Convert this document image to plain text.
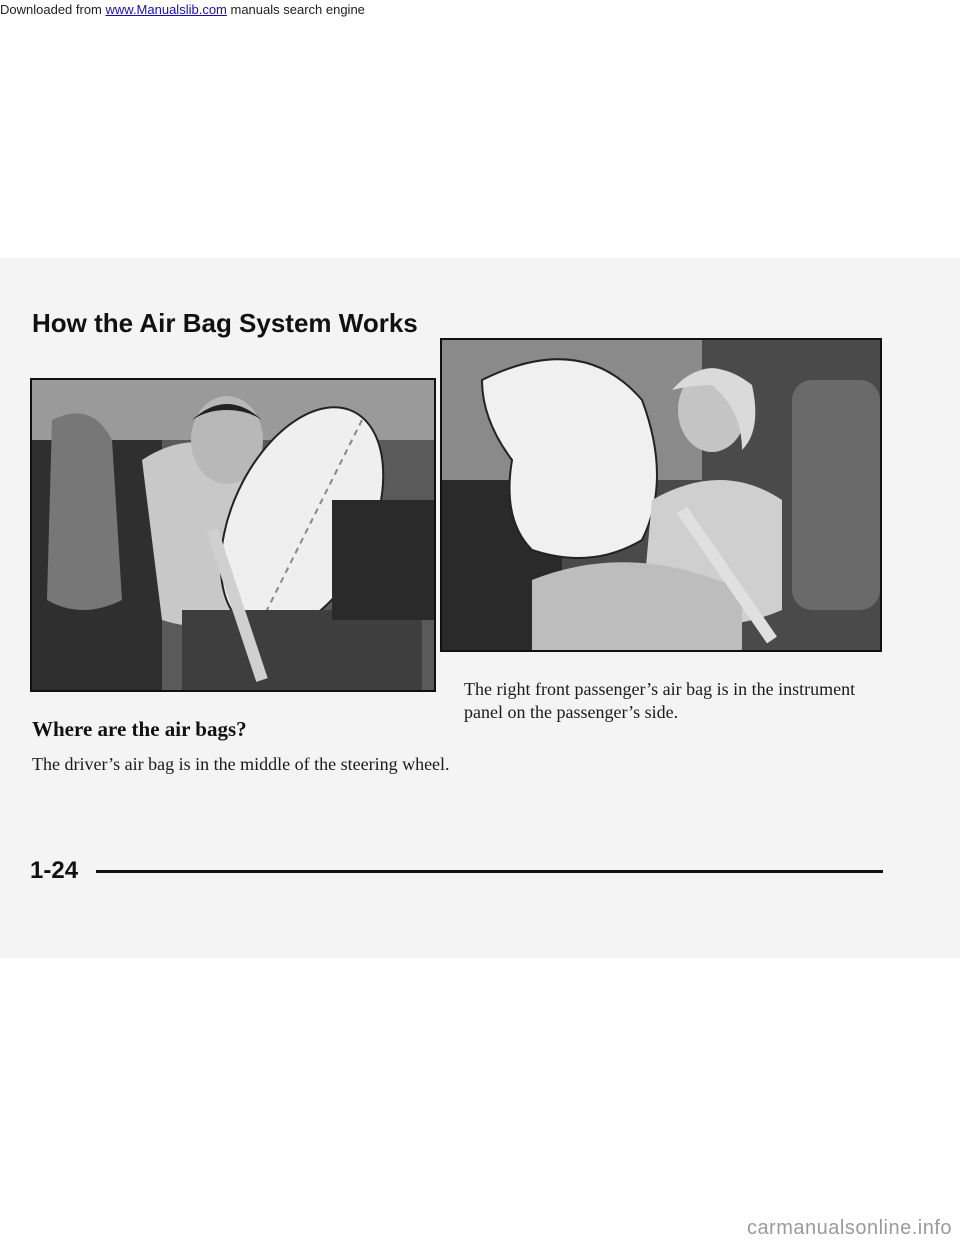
Downloaded from www.Manualslib.com manuals search engine

How the Air Bag System Works

The right front passenger’s air bag is in the instrument panel on the passenger’s side.

Where are the air bags?

The driver’s air bag is in the middle of the steering wheel.

1-24

carmanualsonline.info
